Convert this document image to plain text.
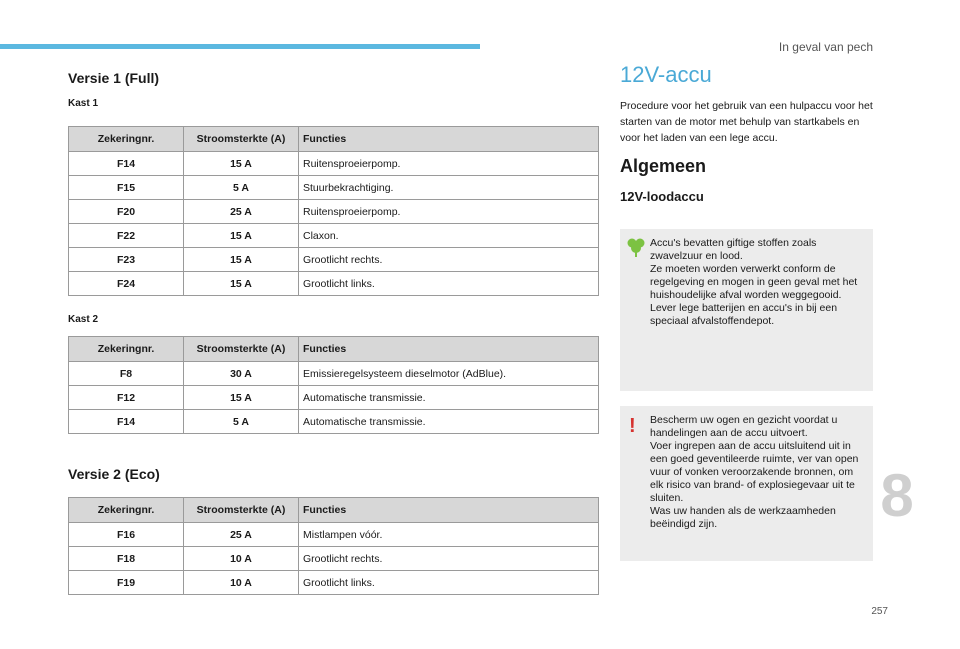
In geval van pech
Versie 1 (Full)

Kast 1

Zekeringnr.	Stroomsterkte (A)	Functies
F14	15 A	Ruitensproeierpomp.
F15	5 A	Stuurbekrachtiging.
F20	25 A	Ruitensproeierpomp.
F22	15 A	Claxon.
F23	15 A	Grootlicht rechts.
F24	15 A	Grootlicht links.

Kast 2

Zekeringnr.	Stroomsterkte (A)	Functies
F8	30 A	Emissieregelsysteem dieselmotor (AdBlue).
F12	15 A	Automatische transmissie.
F14	5 A	Automatische transmissie.
Versie 2 (Eco)
Zekeringnr.	Stroomsterkte (A)	Functies
F16	25 A	Mistlampen vóór.
F18	10 A	Grootlicht rechts.
F19	10 A	Grootlicht links.
12V-accu

Procedure voor het gebruik van een hulpaccu voor het starten van de motor met behulp van startkabels en voor het laden van een lege accu.

Algemeen
12V-loodaccu

Accu's bevatten giftige stoffen zoals zwavelzuur en lood.

Ze moeten worden verwerkt conform de regelgeving en mogen in geen geval met het huishoudelijke afval worden weggegooid.

Lever lege batterijen en accu's in bij een speciaal afvalstoffendepot.

!	Bescherm uw ogen en gezicht voordat u handelingen aan de accu uitvoert.

Voer ingrepen aan de accu uitsluitend uit in een goed geventileerde ruimte, ver van open vuur of vonken veroorzakende bronnen, om elk risico van brand- of explosiegevaar uit te sluiten.

Was uw handen als de werkzaamheden beëindigd zijn.	8
257
